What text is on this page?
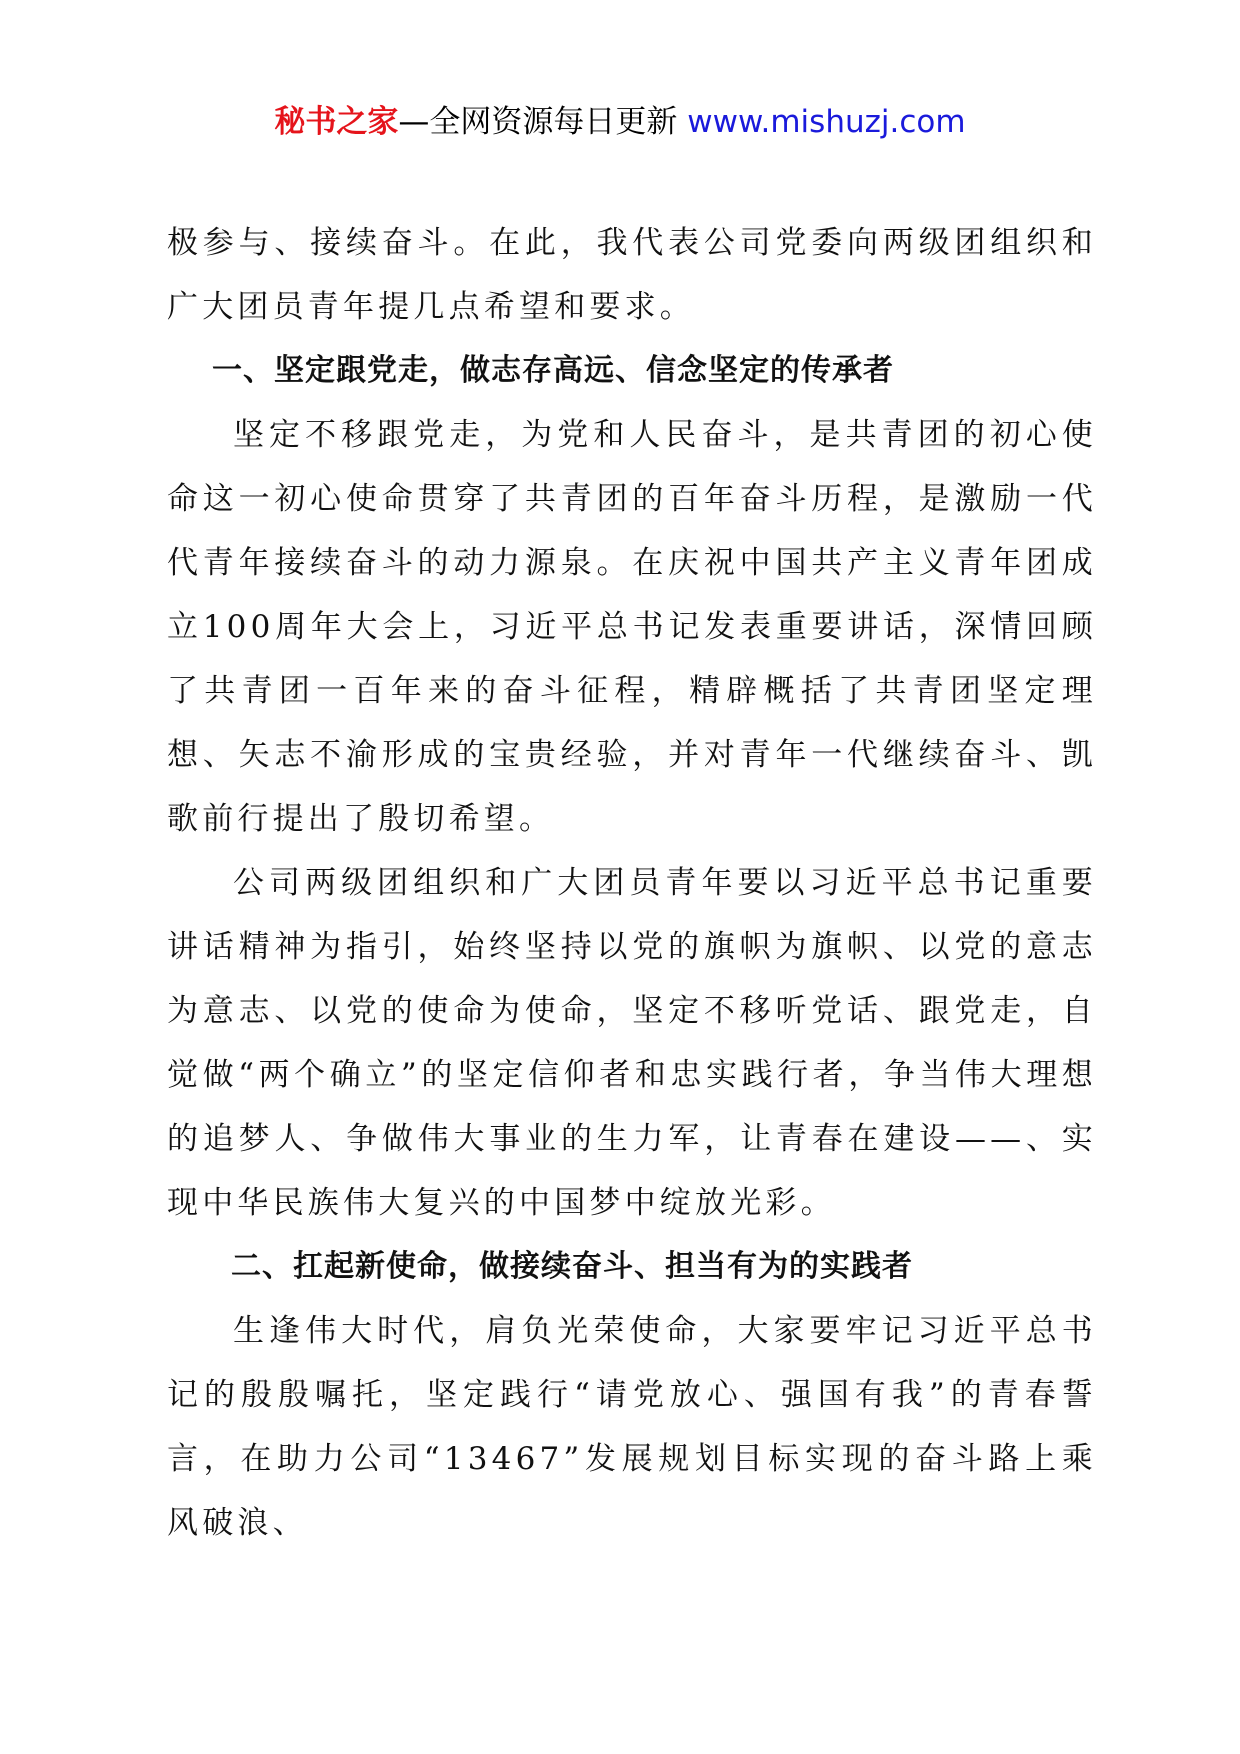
秘书之家—全网资源每日更新 www.mishuzj.com

极参与、接续奋斗。在此，我代表公司党委向两级团组织和广大团员青年提几点希望和要求。

一、坚定跟党走，做志存高远、信念坚定的传承者

坚定不移跟党走，为党和人民奋斗，是共青团的初心使命这一初心使命贯穿了共青团的百年奋斗历程，是激励一代代青年接续奋斗的动力源泉。在庆祝中国共产主义青年团成立100周年大会上，习近平总书记发表重要讲话，深情回顾了共青团一百年来的奋斗征程，精辟概括了共青团坚定理想、矢志不渝形成的宝贵经验，并对青年一代继续奋斗、凯歌前行提出了殷切希望。

公司两级团组织和广大团员青年要以习近平总书记重要讲话精神为指引，始终坚持以党的旗帜为旗帜、以党的意志为意志、以党的使命为使命，坚定不移听党话、跟党走，自觉做“两个确立”的坚定信仰者和忠实践行者，争当伟大理想的追梦人、争做伟大事业的生力军，让青春在建设——、实现中华民族伟大复兴的中国梦中绽放光彩。

二、扛起新使命，做接续奋斗、担当有为的实践者

生逢伟大时代，肩负光荣使命，大家要牢记习近平总书记的殷殷嘱托，坚定践行“请党放心、强国有我”的青春誓言，在助力公司“13467”发展规划目标实现的奋斗路上乘风破浪、
